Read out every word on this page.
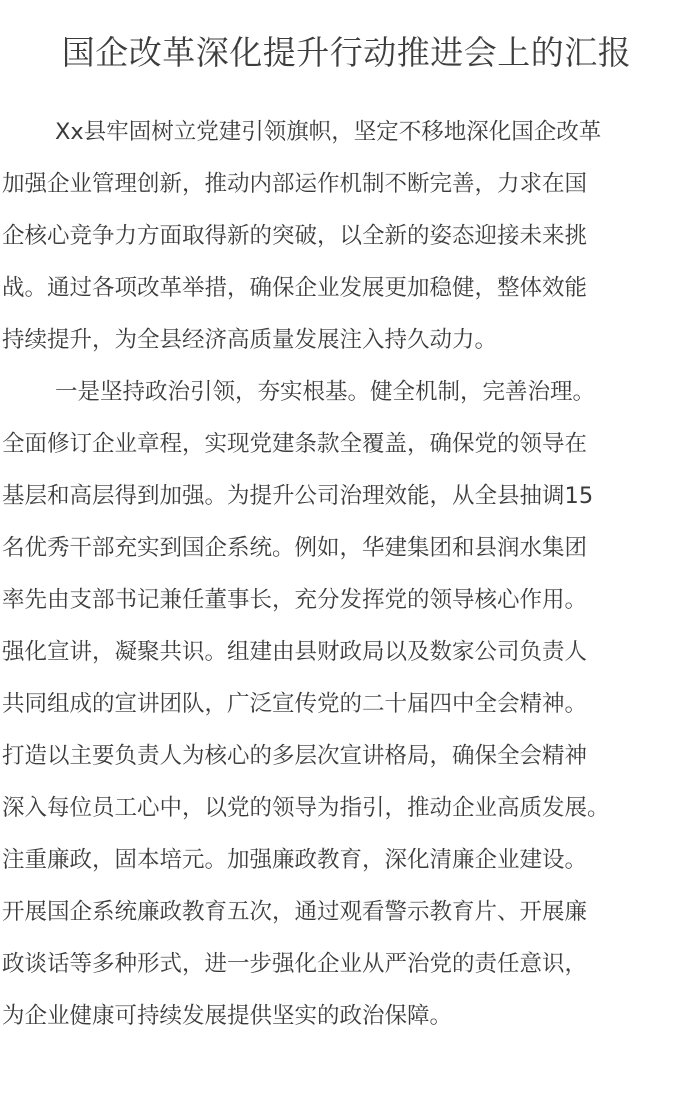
国企改革深化提升行动推进会上的汇报
Xx县牢固树立党建引领旗帜，坚定不移地深化国企改革
加强企业管理创新，推动内部运作机制不断完善，力求在国
企核心竞争力方面取得新的突破，以全新的姿态迎接未来挑
战。通过各项改革举措，确保企业发展更加稳健，整体效能
持续提升，为全县经济高质量发展注入持久动力。
一是坚持政治引领，夯实根基。健全机制，完善治理。
全面修订企业章程，实现党建条款全覆盖，确保党的领导在
基层和高层得到加强。为提升公司治理效能，从全县抽调15
名优秀干部充实到国企系统。例如，华建集团和县润水集团
率先由支部书记兼任董事长，充分发挥党的领导核心作用。
强化宣讲，凝聚共识。组建由县财政局以及数家公司负责人
共同组成的宣讲团队，广泛宣传党的二十届四中全会精神。
打造以主要负责人为核心的多层次宣讲格局，确保全会精神
深入每位员工心中，以党的领导为指引，推动企业高质发展。
注重廉政，固本培元。加强廉政教育，深化清廉企业建设。
开展国企系统廉政教育五次，通过观看警示教育片、开展廉
政谈话等多种形式，进一步强化企业从严治党的责任意识，
为企业健康可持续发展提供坚实的政治保障。
